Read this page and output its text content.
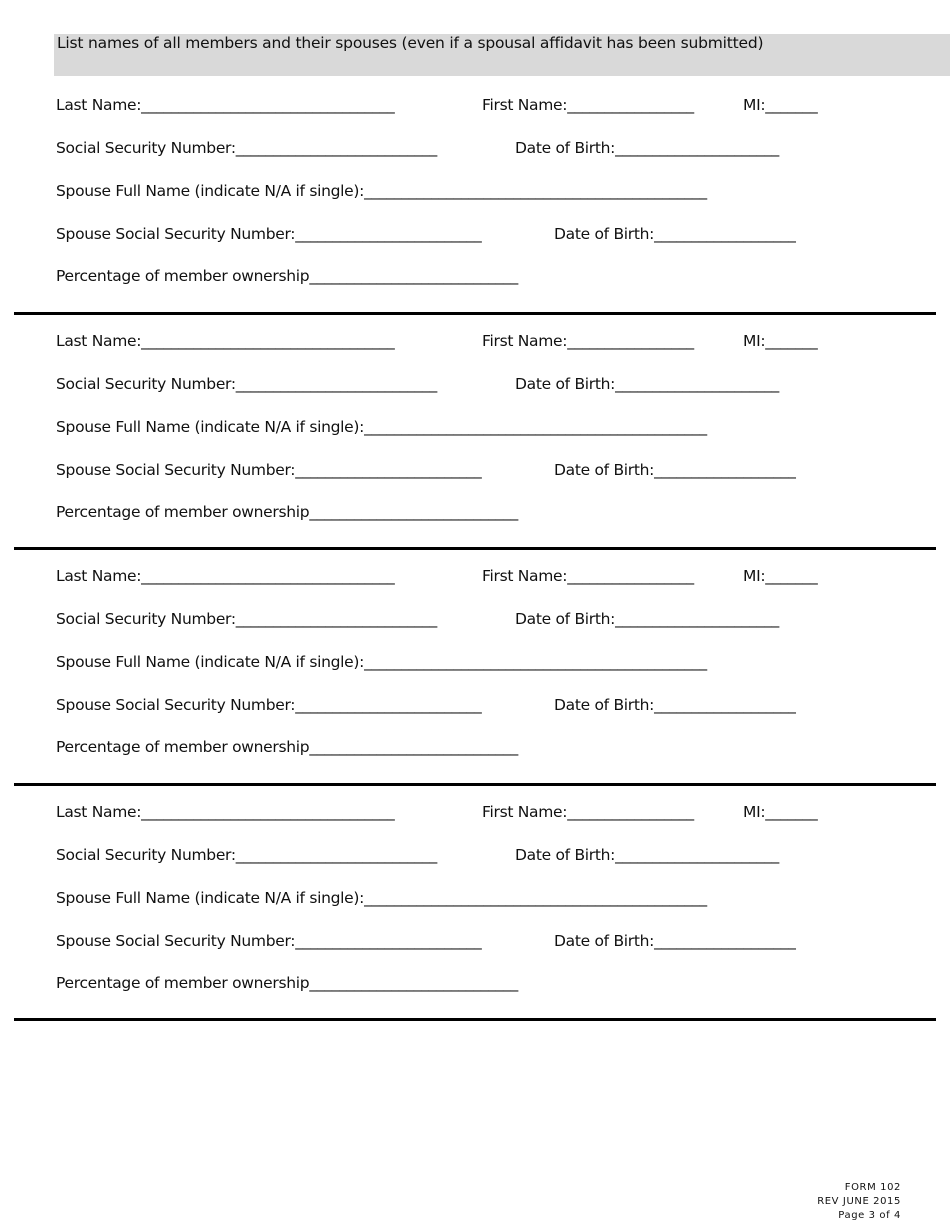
List names of all members and their spouses (even if a spousal affidavit has been submitted)
Last Name:__________________________________	First Name:_________________	MI:_______
Social Security Number:___________________________	Date of Birth:______________________
Spouse Full Name (indicate N/A if single):______________________________________________
Spouse Social Security Number:_________________________	Date of Birth:___________________
Percentage of member ownership____________________________
Last Name:__________________________________	First Name:_________________	MI:_______
Social Security Number:___________________________	Date of Birth:______________________
Spouse Full Name (indicate N/A if single):______________________________________________
Spouse Social Security Number:_________________________	Date of Birth:___________________
Percentage of member ownership____________________________
Last Name:__________________________________	First Name:_________________	MI:_______
Social Security Number:___________________________	Date of Birth:______________________
Spouse Full Name (indicate N/A if single):______________________________________________
Spouse Social Security Number:_________________________	Date of Birth:___________________
Percentage of member ownership____________________________
Last Name:__________________________________	First Name:_________________	MI:_______
Social Security Number:___________________________	Date of Birth:______________________
Spouse Full Name (indicate N/A if single):______________________________________________
Spouse Social Security Number:_________________________	Date of Birth:___________________
Percentage of member ownership____________________________
FORM 102
REV JUNE 2015
Page 3 of 4
